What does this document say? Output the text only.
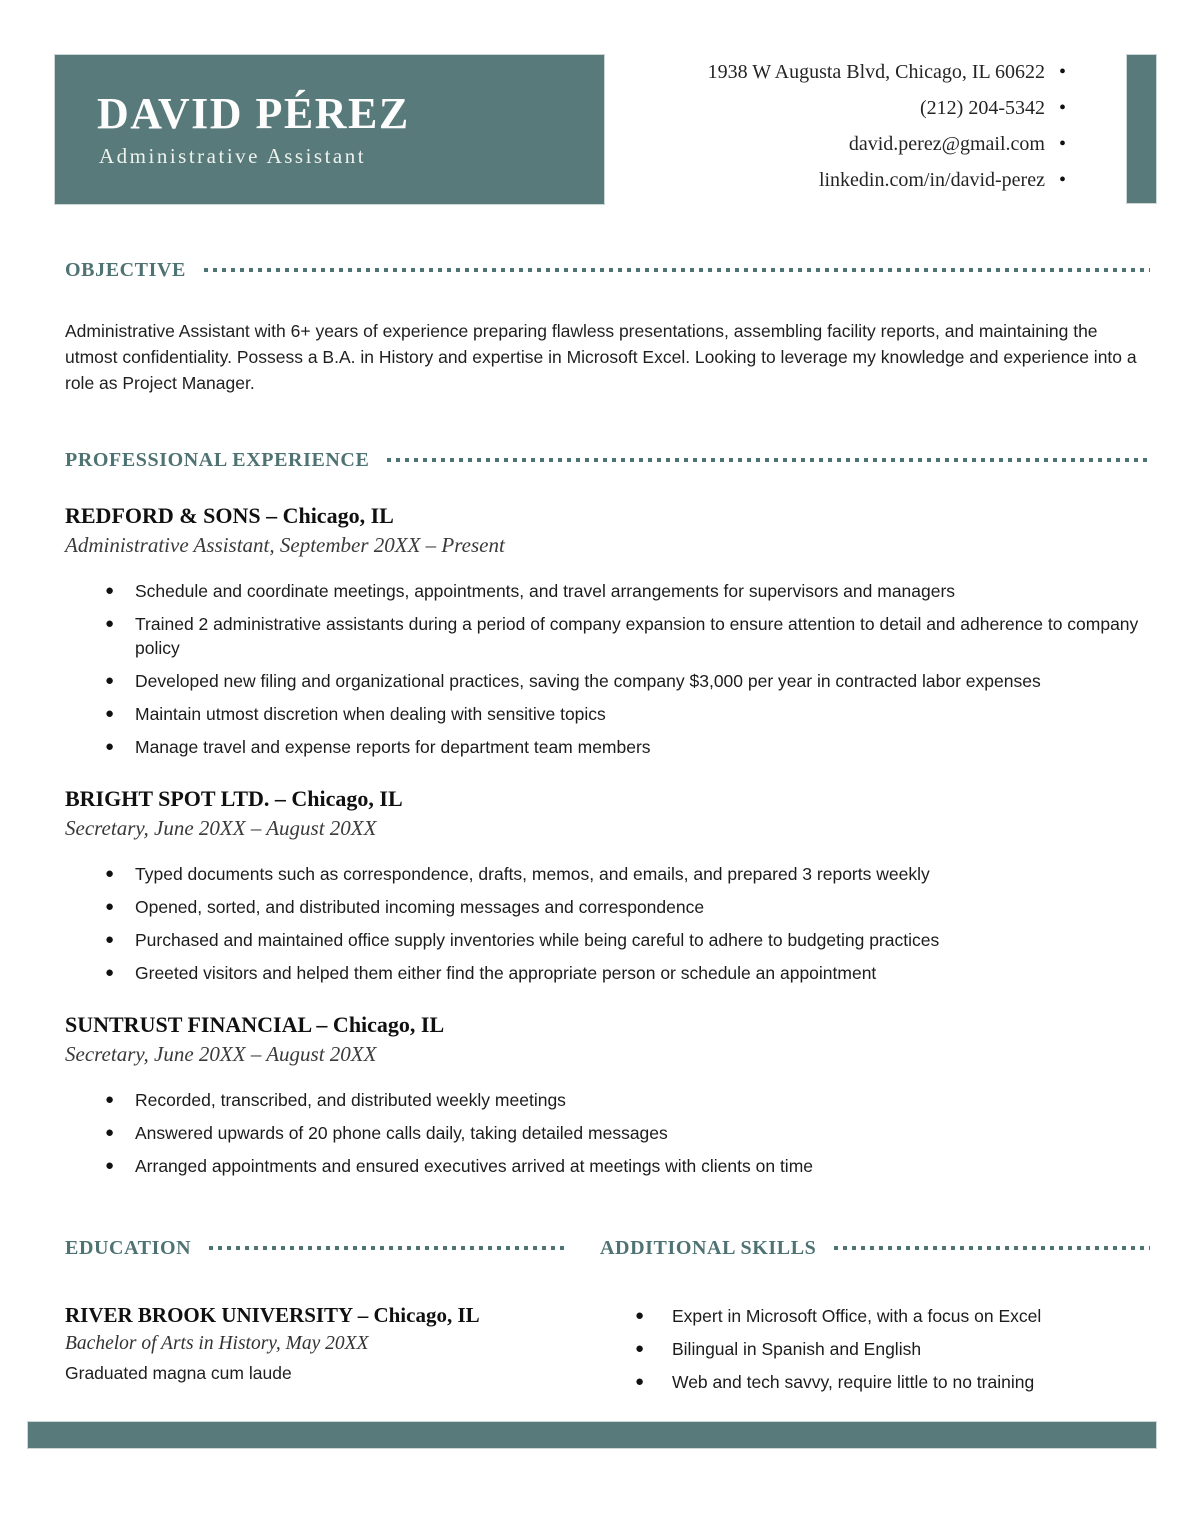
DAVID PÉREZ
Administrative Assistant
1938 W Augusta Blvd, Chicago, IL 60622 •
(212) 204-5342 •
david.perez@gmail.com •
linkedin.com/in/david-perez •
OBJECTIVE
Administrative Assistant with 6+ years of experience preparing flawless presentations, assembling facility reports, and maintaining the utmost confidentiality. Possess a B.A. in History and expertise in Microsoft Excel. Looking to leverage my knowledge and experience into a role as Project Manager.
PROFESSIONAL EXPERIENCE
REDFORD & SONS – Chicago, IL
Administrative Assistant, September 20XX – Present
●	Schedule and coordinate meetings, appointments, and travel arrangements for supervisors and managers
●	Trained 2 administrative assistants during a period of company expansion to ensure attention to detail and adherence to company policy
●	Developed new filing and organizational practices, saving the company $3,000 per year in contracted labor expenses
●	Maintain utmost discretion when dealing with sensitive topics
●	Manage travel and expense reports for department team members
BRIGHT SPOT LTD. – Chicago, IL
Secretary, June 20XX – August 20XX
●	Typed documents such as correspondence, drafts, memos, and emails, and prepared 3 reports weekly
●	Opened, sorted, and distributed incoming messages and correspondence
●	Purchased and maintained office supply inventories while being careful to adhere to budgeting practices
●	Greeted visitors and helped them either find the appropriate person or schedule an appointment
SUNTRUST FINANCIAL – Chicago, IL
Secretary, June 20XX – August 20XX
●	Recorded, transcribed, and distributed weekly meetings
●	Answered upwards of 20 phone calls daily, taking detailed messages
●	Arranged appointments and ensured executives arrived at meetings with clients on time
EDUCATION
RIVER BROOK UNIVERSITY – Chicago, IL
Bachelor of Arts in History, May 20XX
Graduated magna cum laude
ADDITIONAL SKILLS
●	Expert in Microsoft Office, with a focus on Excel
●	Bilingual in Spanish and English
●	Web and tech savvy, require little to no training
